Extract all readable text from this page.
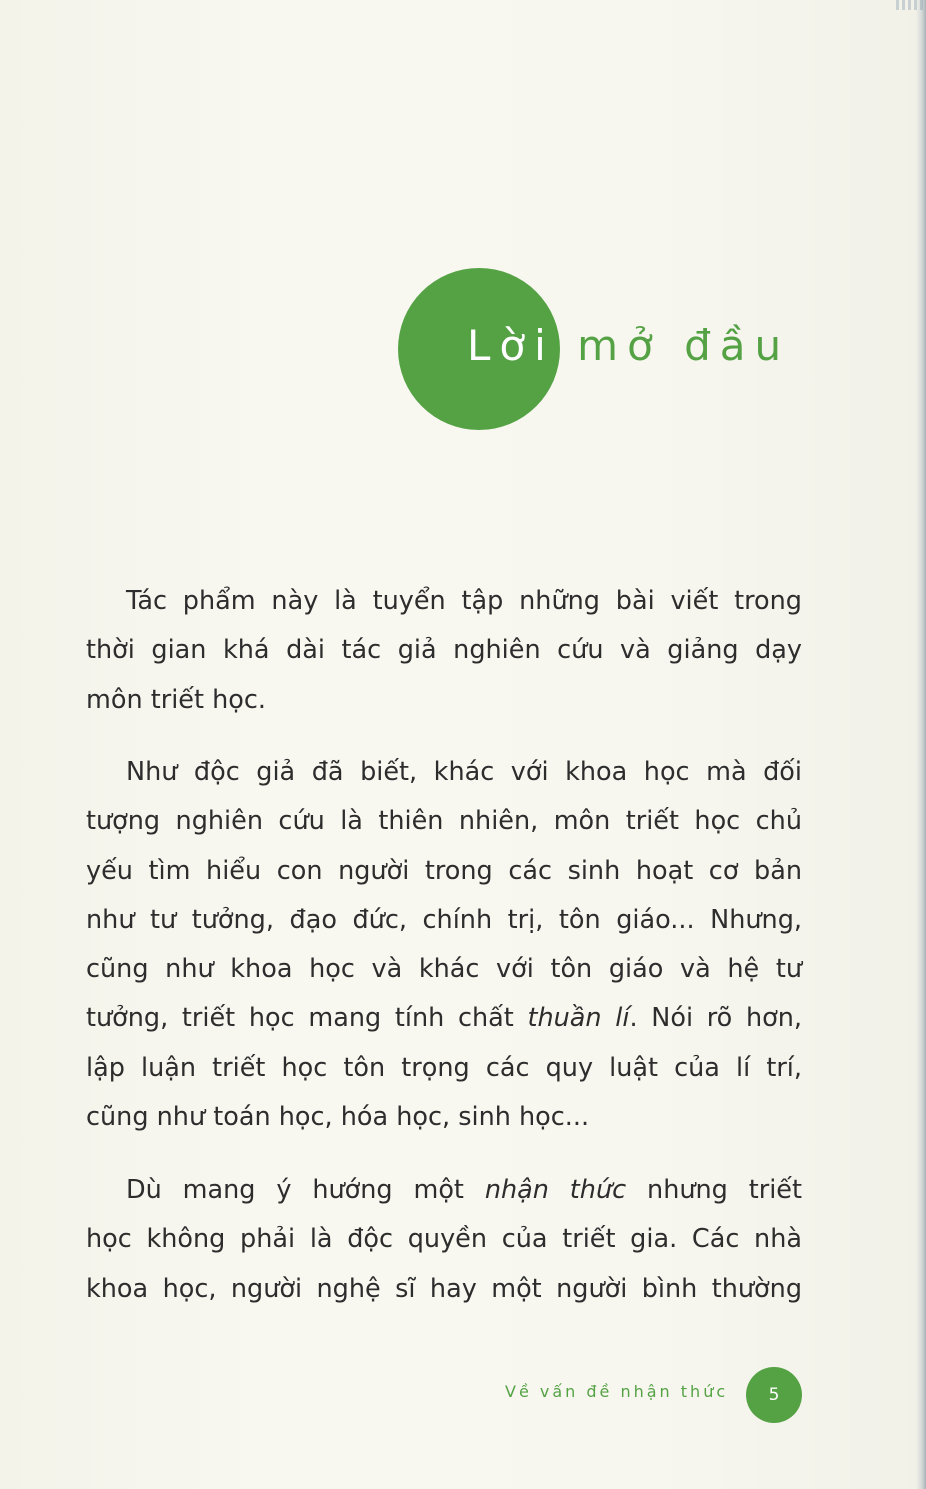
Lời mở đầu
Tác phẩm này là tuyển tập những bài viết trong
thời gian khá dài tác giả nghiên cứu và giảng dạy
môn triết học.
Như độc giả đã biết, khác với khoa học mà đối
tượng nghiên cứu là thiên nhiên, môn triết học chủ
yếu tìm hiểu con người trong các sinh hoạt cơ bản
như tư tưởng, đạo đức, chính trị, tôn giáo... Nhưng,
cũng như khoa học và khác với tôn giáo và hệ tư
tưởng, triết học mang tính chất thuần lí. Nói rõ hơn,
lập luận triết học tôn trọng các quy luật của lí trí,
cũng như toán học, hóa học, sinh học...
Dù mang ý hướng một nhận thức nhưng triết
học không phải là độc quyền của triết gia. Các nhà
khoa học, người nghệ sĩ hay một người bình thường
Về vấn đề nhận thức	5
